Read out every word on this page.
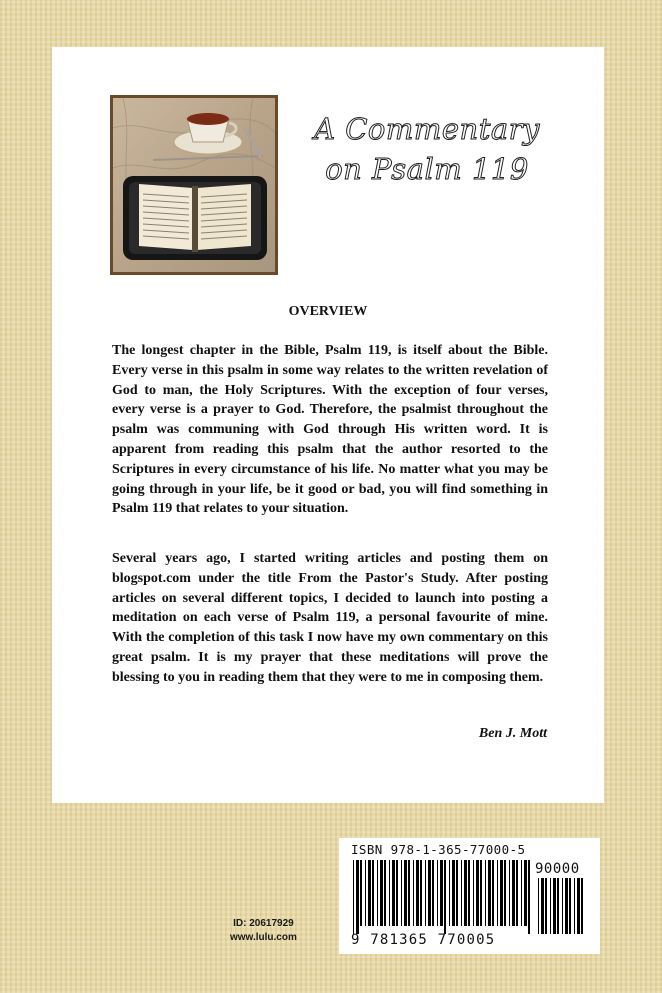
A Commentary
on Psalm 119
OVERVIEW

The longest chapter in the Bible, Psalm 119, is itself about the Bible. Every verse in this psalm in some way relates to the written revelation of God to man, the Holy Scriptures. With the exception of four verses, every verse is a prayer to God. Therefore, the psalmist throughout the psalm was communing with God through His written word. It is apparent from reading this psalm that the author resorted to the Scriptures in every circumstance of his life. No matter what you may be going through in your life, be it good or bad, you will find something in Psalm 119 that relates to your situation.

Several years ago, I started writing articles and posting them on blogspot.com under the title From the Pastor's Study. After posting articles on several different topics, I decided to launch into posting a meditation on each verse of Psalm 119, a personal favourite of mine. With the completion of this task I now have my own commentary on this great psalm. It is my prayer that these meditations will prove the blessing to you in reading them that they were to me in composing them.

Ben J. Mott
ID: 20617929
www.lulu.com
ISBN 978-1-365-77000-5
90000
9 781365 770005
